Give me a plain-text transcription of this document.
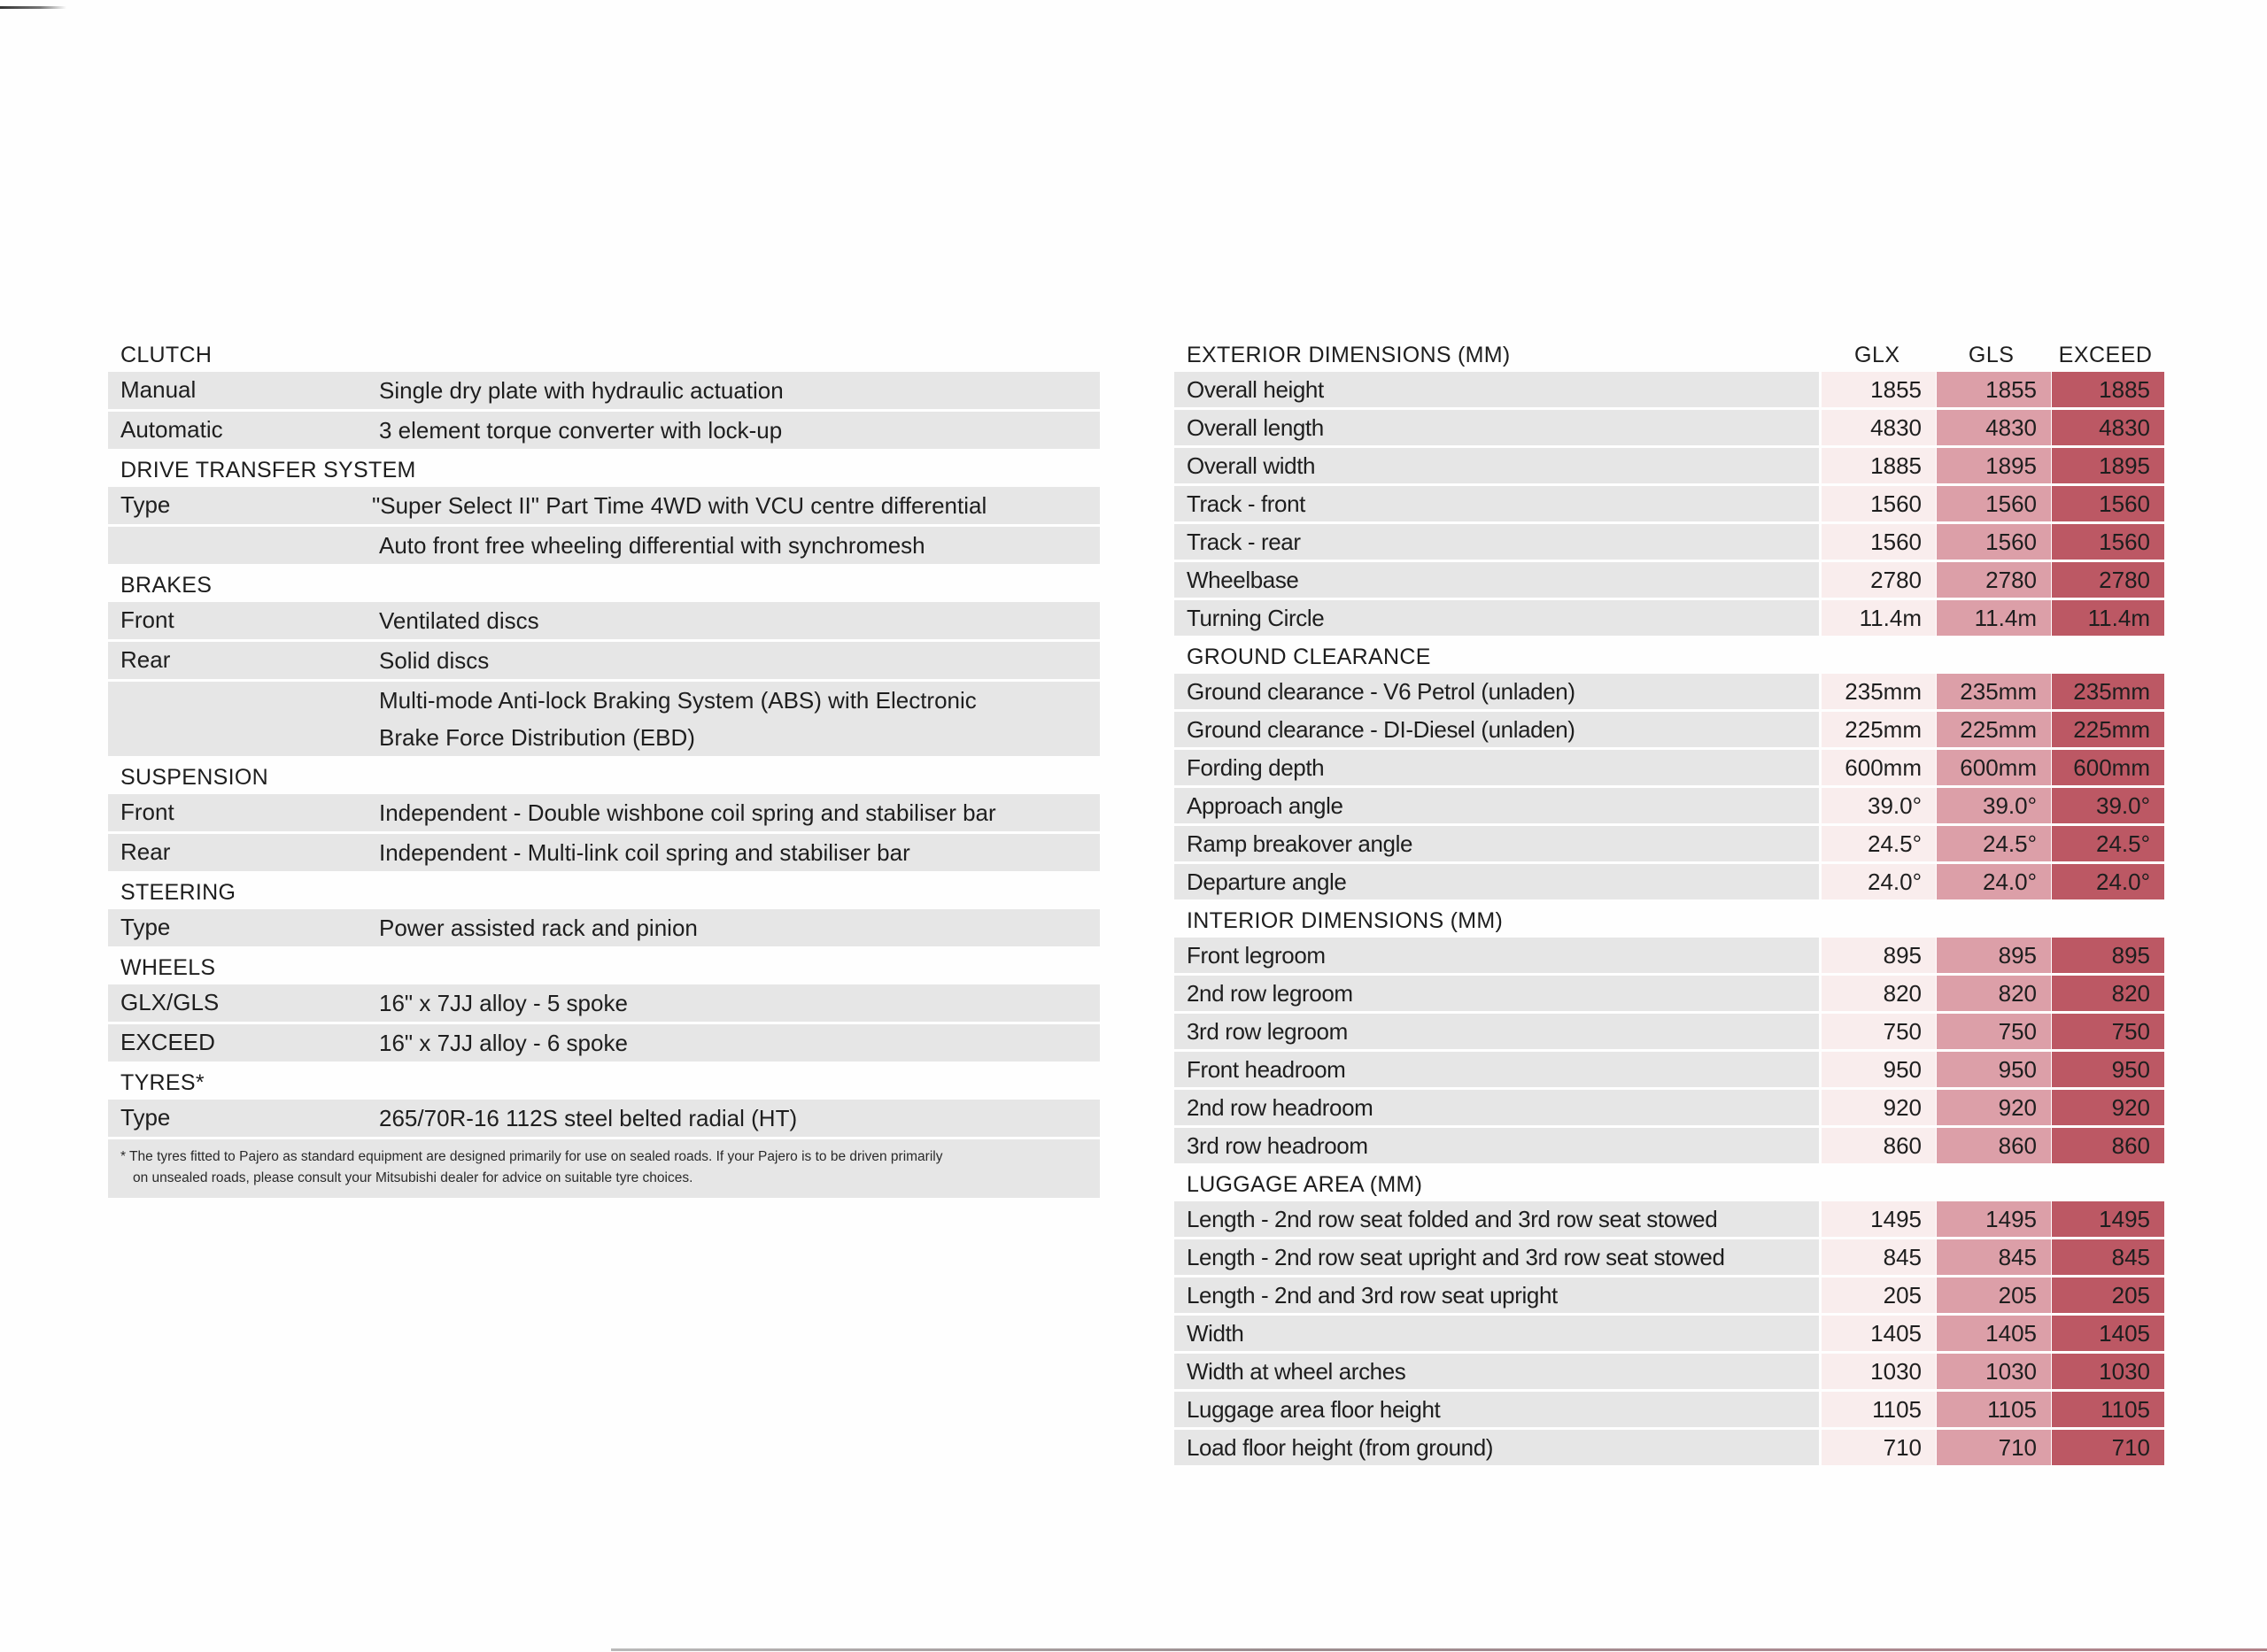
CLUTCH
Manual	Single dry plate with hydraulic actuation
Automatic	3 element torque converter with lock-up
DRIVE TRANSFER SYSTEM
Type	"Super Select II" Part Time 4WD with VCU centre differential
Auto front free wheeling differential with synchromesh
BRAKES
Front	Ventilated discs
Rear	Solid discs
Multi-mode Anti-lock Braking System (ABS) with Electronic
Brake Force Distribution (EBD)
SUSPENSION
Front	Independent - Double wishbone coil spring and stabiliser bar
Rear	Independent - Multi-link coil spring and stabiliser bar
STEERING
Type	Power assisted rack and pinion
WHEELS
GLX/GLS	16" x 7JJ alloy - 5 spoke
EXCEED	16" x 7JJ alloy - 6 spoke
TYRES*
Type	265/70R-16 112S steel belted radial (HT)
* The tyres fitted to Pajero as standard equipment are designed primarily for use on sealed roads. If your Pajero is to be driven primarily
on unsealed roads, please consult your Mitsubishi dealer for advice on suitable tyre choices.
EXTERIOR DIMENSIONS (MM)	GLX	GLS	EXCEED
Overall height	1855	1855	1885
Overall length	4830	4830	4830
Overall width	1885	1895	1895
Track - front	1560	1560	1560
Track - rear	1560	1560	1560
Wheelbase	2780	2780	2780
Turning Circle	11.4m	11.4m	11.4m
GROUND CLEARANCE
Ground clearance - V6 Petrol (unladen)	235mm	235mm	235mm
Ground clearance - DI-Diesel (unladen)	225mm	225mm	225mm
Fording depth	600mm	600mm	600mm
Approach angle	39.0°	39.0°	39.0°
Ramp breakover angle	24.5°	24.5°	24.5°
Departure angle	24.0°	24.0°	24.0°
INTERIOR DIMENSIONS (MM)
Front legroom	895	895	895
2nd row legroom	820	820	820
3rd row legroom	750	750	750
Front headroom	950	950	950
2nd row headroom	920	920	920
3rd row headroom	860	860	860
LUGGAGE AREA (MM)
Length - 2nd row seat folded and 3rd row seat stowed	1495	1495	1495
Length - 2nd row seat upright and 3rd row seat stowed	845	845	845
Length - 2nd and 3rd row seat upright	205	205	205
Width	1405	1405	1405
Width at wheel arches	1030	1030	1030
Luggage area floor height	1105	1105	1105
Load floor height (from ground)	710	710	710
